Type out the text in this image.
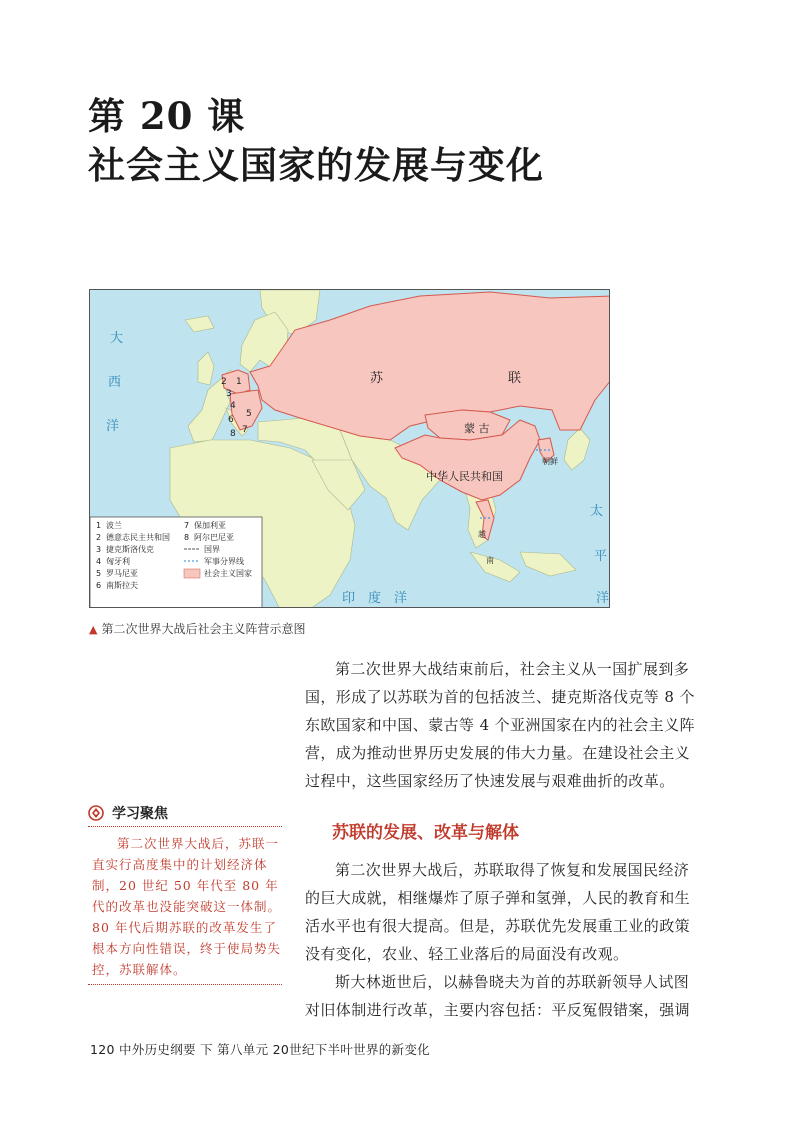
第 20 课
社会主义国家的发展与变化
大
西
洋
太
平
洋
印 度 洋
苏	联
蒙 古
中华人民共和国
朝鲜
越
南
2 1
3
4
5
6
7
8
1 波兰
2 德意志民主共和国
3 捷克斯洛伐克
4 匈牙利
5 罗马尼亚
6 南斯拉夫
7 保加利亚
8 阿尔巴尼亚
国界
军事分界线
社会主义国家
▲ 第二次世界大战后社会主义阵营示意图

第二次世界大战结束前后，社会主义从一国扩展到多国，形成了以苏联为首的包括波兰、捷克斯洛伐克等 8 个东欧国家和中国、蒙古等 4 个亚洲国家在内的社会主义阵营，成为推动世界历史发展的伟大力量。在建设社会主义过程中，这些国家经历了快速发展与艰难曲折的改革。

学习聚焦

第二次世界大战后，苏联一直实行高度集中的计划经济体制，20 世纪 50 年代至 80 年代的改革也没能突破这一体制。80 年代后期苏联的改革发生了根本方向性错误，终于使局势失控，苏联解体。

苏联的发展、改革与解体

第二次世界大战后，苏联取得了恢复和发展国民经济的巨大成就，相继爆炸了原子弹和氢弹，人民的教育和生活水平也有很大提高。但是，苏联优先发展重工业的政策没有变化，农业、轻工业落后的局面没有改观。

斯大林逝世后，以赫鲁晓夫为首的苏联新领导人试图对旧体制进行改革，主要内容包括：平反冤假错案，强调

120 中外历史纲要 下 第八单元 20世纪下半叶世界的新变化
